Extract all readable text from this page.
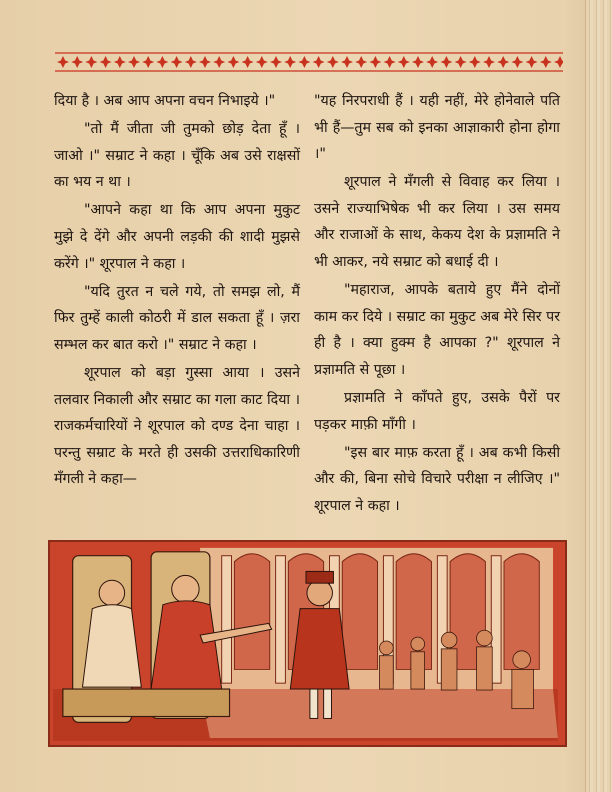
दिया है । अब आप अपना वचन निभाइये ।"

"तो मैं जीता जी तुमको छोड़ देता हूँ । जाओ ।" सम्राट ने कहा । चूँकि अब उसे राक्षसों का भय न था ।

"आपने कहा था कि आप अपना मुकुट मुझे दे देंगे और अपनी लड़की की शादी मुझसे करेंगे ।" शूरपाल ने कहा ।

"यदि तुरत न चले गये, तो समझ लो, मैं फिर तुम्हें काली कोठरी में डाल सकता हूँ । ज़रा सम्भल कर बात करो ।" सम्राट ने कहा ।

शूरपाल को बड़ा गुस्सा आया । उसने तलवार निकाली और सम्राट का गला काट दिया । राजकर्मचारियों ने शूरपाल को दण्ड देना चाहा । परन्तु सम्राट के मरते ही उसकी उत्तराधिकारिणी मँगली ने कहा—

"यह निरपराधी हैं । यही नहीं, मेरे होनेवाले पति भी हैं—तुम सब को इनका आज्ञाकारी होना होगा ।"

शूरपाल ने मँगली से विवाह कर लिया । उसने राज्याभिषेक भी कर लिया । उस समय और राजाओं के साथ, केकय देश के प्रज्ञामति ने भी आकर, नये सम्राट को बधाई दी ।

"महाराज, आपके बताये हुए मैंने दोनों काम कर दिये । सम्राट का मुकुट अब मेरे सिर पर ही है । क्या हुक्म है आपका ?" शूरपाल ने प्रज्ञामति से पूछा ।

प्रज्ञामति ने काँपते हुए, उसके पैरों पर पड़कर माफ़ी माँगी ।

"इस बार माफ़ करता हूँ । अब कभी किसी और की, बिना सोचे विचारे परीक्षा न लीजिए ।" शूरपाल ने कहा ।
